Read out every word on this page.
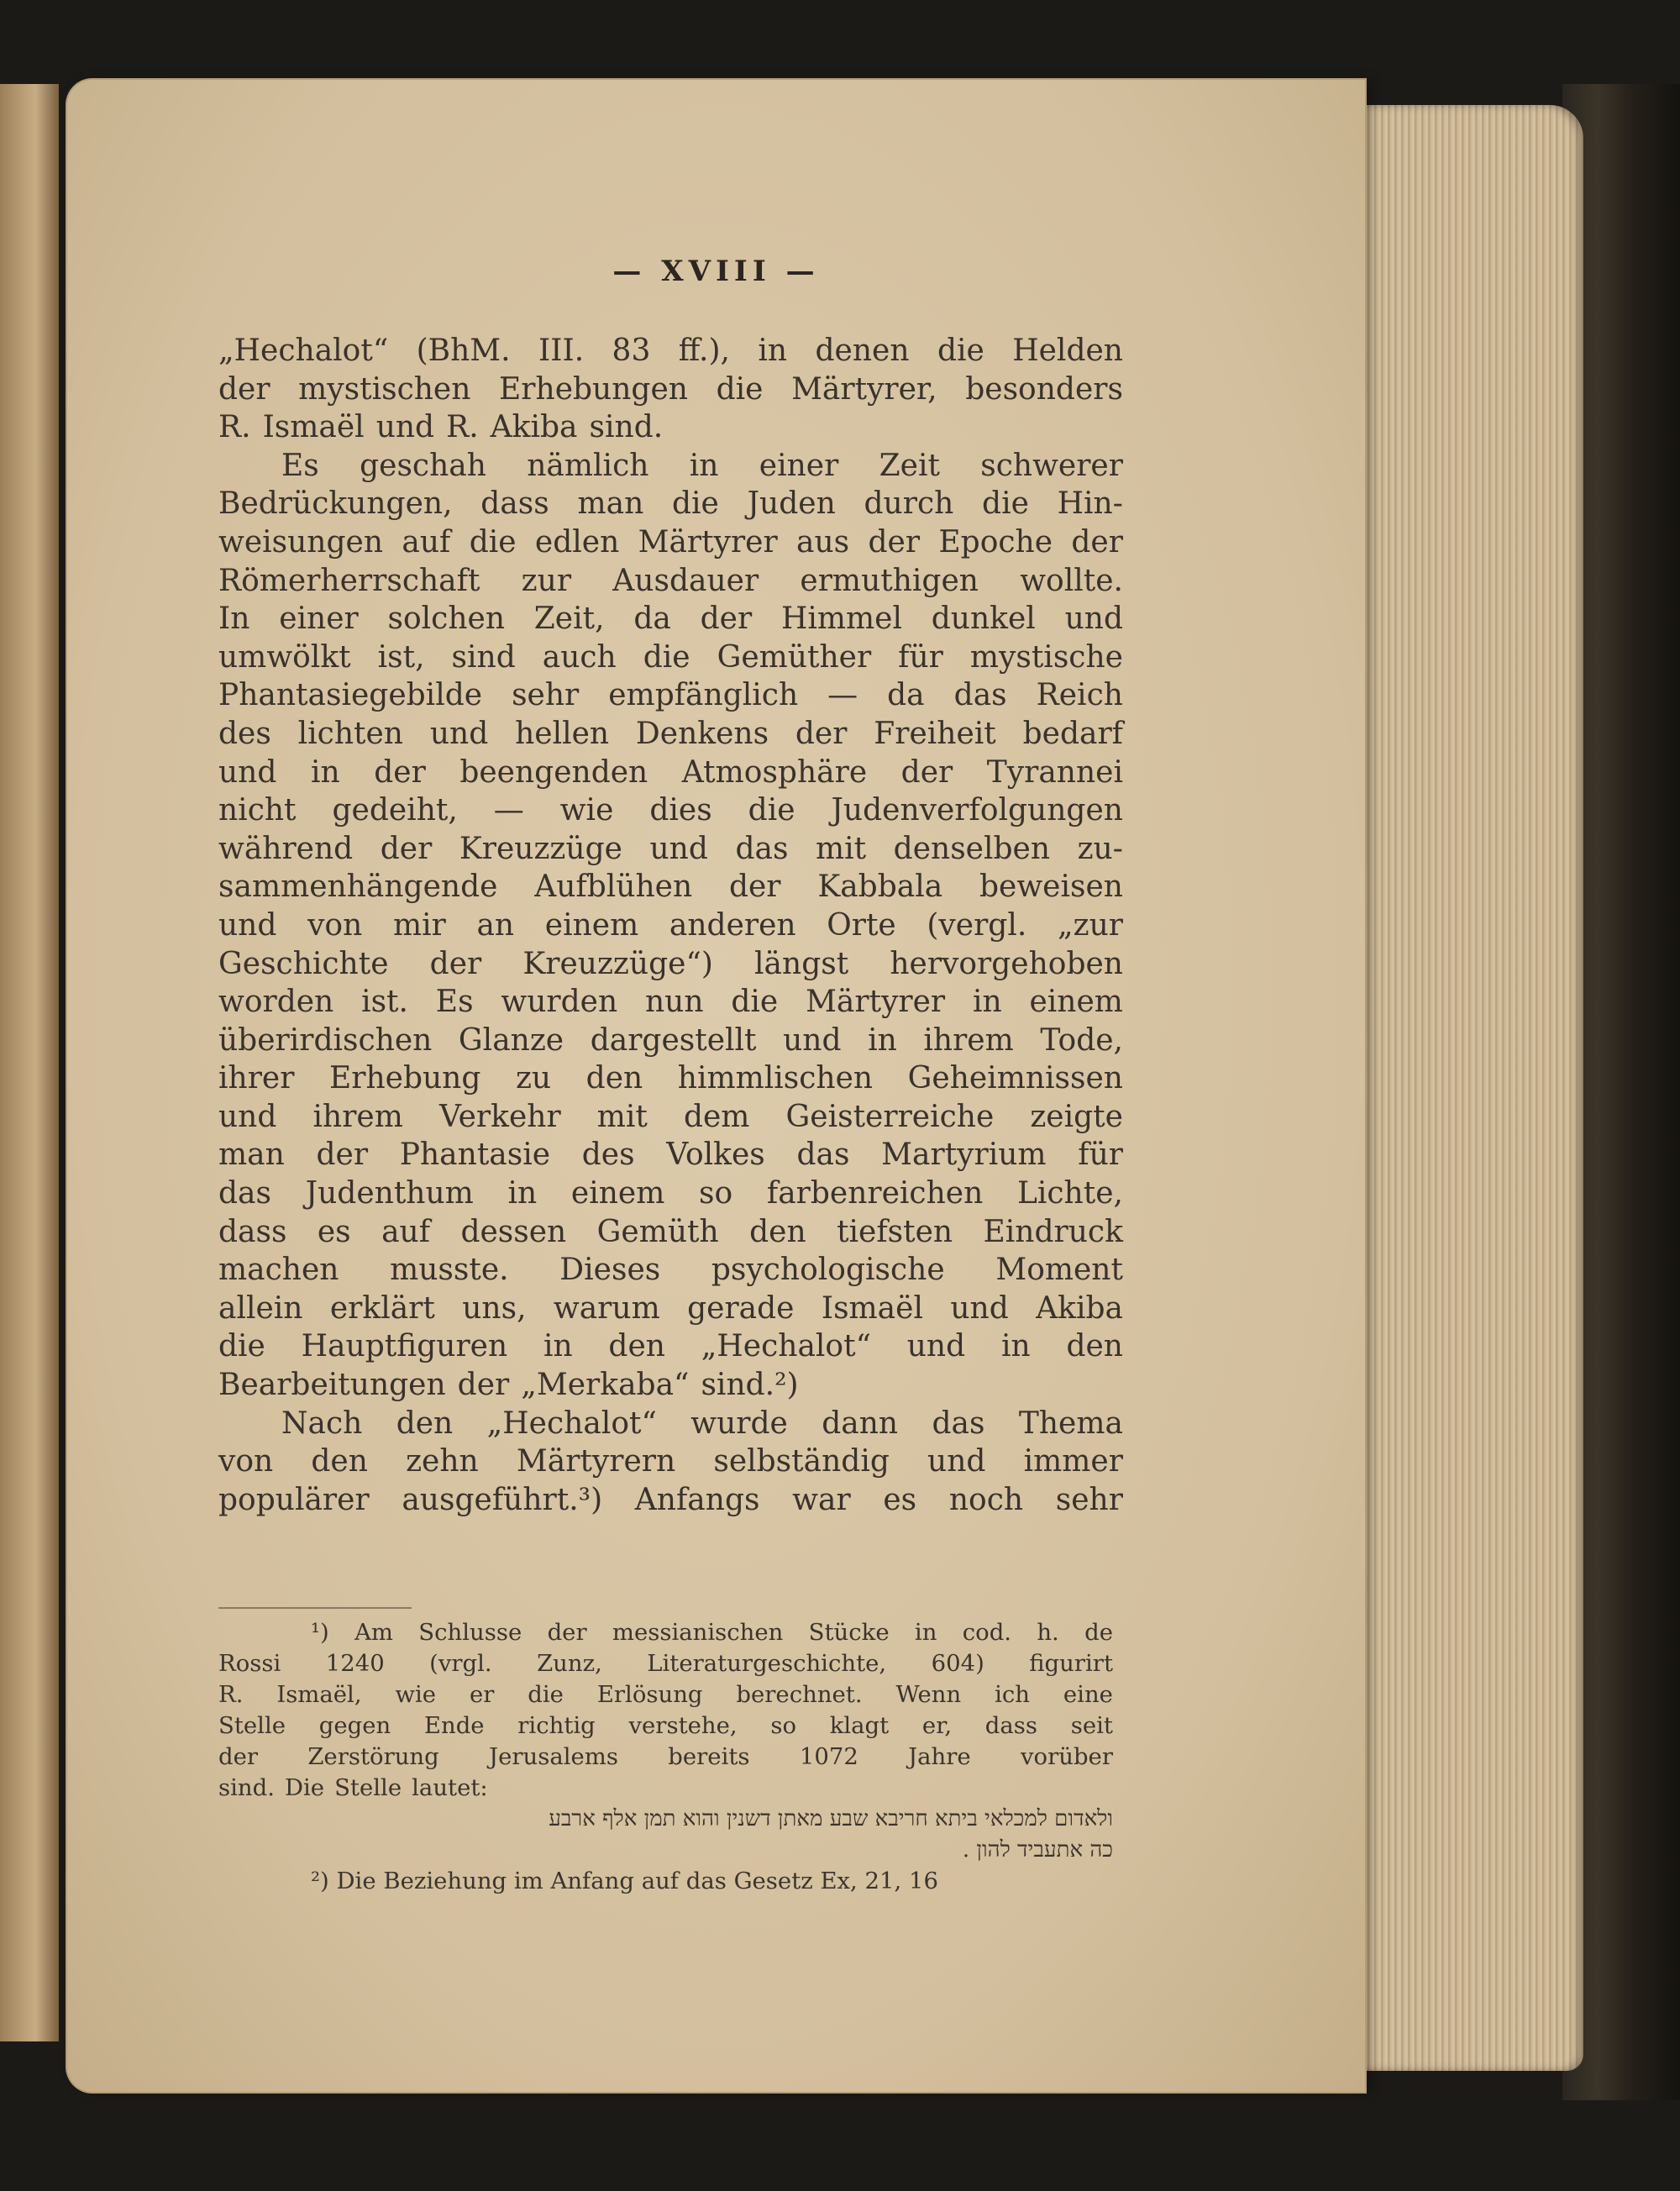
— XVIII —
„Hechalot“ (BhM. III. 83 ff.), in denen die Helden
der mystischen Erhebungen die Märtyrer, besonders
R. Ismaël und R. Akiba sind.
Es geschah nämlich in einer Zeit schwerer
Bedrückungen, dass man die Juden durch die Hin-
weisungen auf die edlen Märtyrer aus der Epoche der
Römerherrschaft zur Ausdauer ermuthigen wollte.
In einer solchen Zeit, da der Himmel dunkel und
umwölkt ist, sind auch die Gemüther für mystische
Phantasiegebilde sehr empfänglich — da das Reich
des lichten und hellen Denkens der Freiheit bedarf
und in der beengenden Atmosphäre der Tyrannei
nicht gedeiht, — wie dies die Judenverfolgungen
während der Kreuzzüge und das mit denselben zu-
sammenhängende Aufblühen der Kabbala beweisen
und von mir an einem anderen Orte (vergl. „zur
Geschichte der Kreuzzüge“) längst hervorgehoben
worden ist. Es wurden nun die Märtyrer in einem
überirdischen Glanze dargestellt und in ihrem Tode,
ihrer Erhebung zu den himmlischen Geheimnissen
und ihrem Verkehr mit dem Geisterreiche zeigte
man der Phantasie des Volkes das Martyrium für
das Judenthum in einem so farbenreichen Lichte,
dass es auf dessen Gemüth den tiefsten Eindruck
machen musste. Dieses psychologische Moment
allein erklärt uns, warum gerade Ismaël und Akiba
die Hauptfiguren in den „Hechalot“ und in den
Bearbeitungen der „Merkaba“ sind.²)
Nach den „Hechalot“ wurde dann das Thema
von den zehn Märtyrern selbständig und immer
populärer ausgeführt.³) Anfangs war es noch sehr
¹) Am Schlusse der messianischen Stücke in cod. h. de
Rossi 1240 (vrgl. Zunz, Literaturgeschichte, 604) figurirt
R. Ismaël, wie er die Erlösung berechnet. Wenn ich eine
Stelle gegen Ende richtig verstehe, so klagt er, dass seit
der Zerstörung Jerusalems bereits 1072 Jahre vorüber
sind. Die Stelle lautet:
ולאדום למכלאי ביתא חריבא שבע מאתן דשנין והוא תמן אלף ארבע
כה אתעביד להון .
²) Die Beziehung im Anfang auf das Gesetz Ex, 21, 16
